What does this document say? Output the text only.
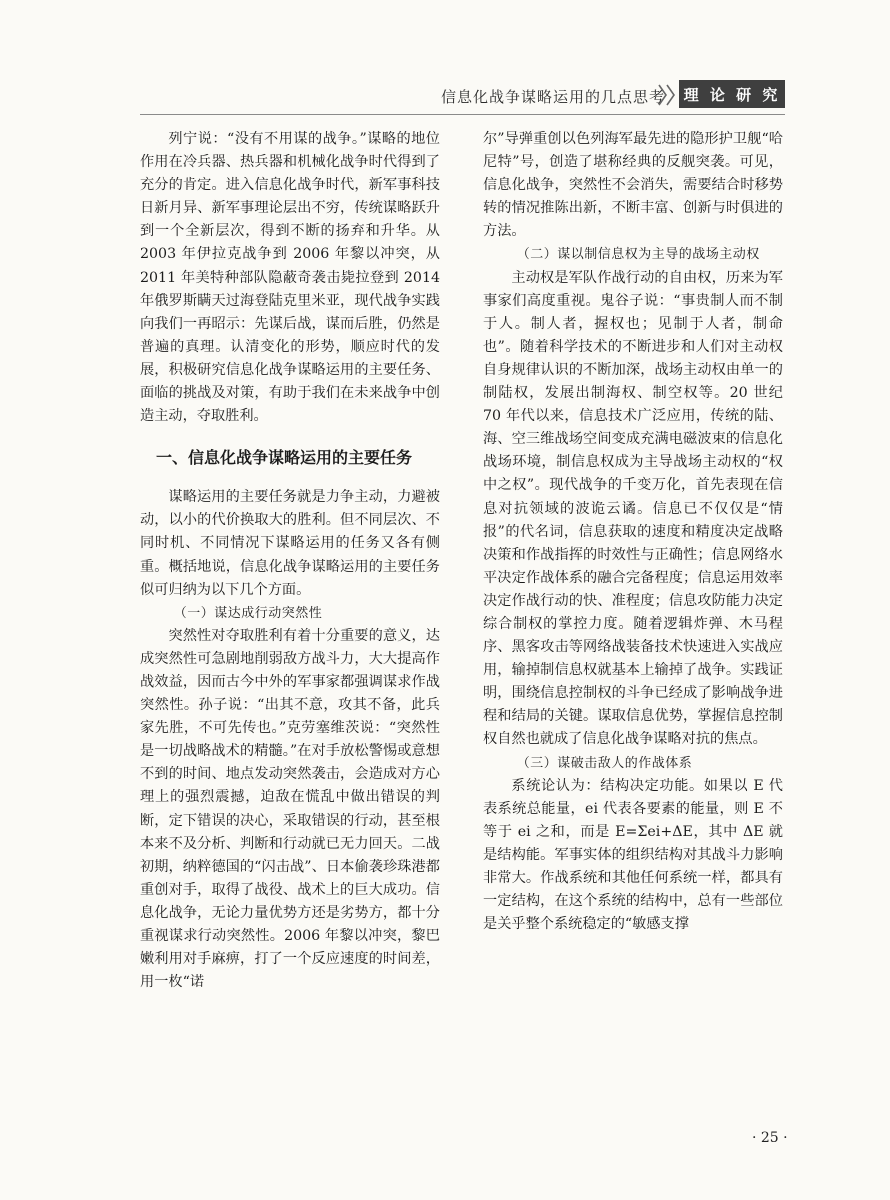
信息化战争谋略运用的几点思考	理 论 研 究

列宁说：“没有不用谋的战争。”谋略的地位作用在冷兵器、热兵器和机械化战争时代得到了充分的肯定。进入信息化战争时代，新军事科技日新月异、新军事理论层出不穷，传统谋略跃升到一个全新层次，得到不断的扬弃和升华。从 2003 年伊拉克战争到 2006 年黎以冲突，从 2011 年美特种部队隐蔽奇袭击毙拉登到 2014 年俄罗斯瞒天过海登陆克里米亚，现代战争实践向我们一再昭示：先谋后战，谋而后胜，仍然是普遍的真理。认清变化的形势，顺应时代的发展，积极研究信息化战争谋略运用的主要任务、面临的挑战及对策，有助于我们在未来战争中创造主动，夺取胜利。

一、信息化战争谋略运用的主要任务

谋略运用的主要任务就是力争主动，力避被动，以小的代价换取大的胜利。但不同层次、不同时机、不同情况下谋略运用的任务又各有侧重。概括地说，信息化战争谋略运用的主要任务似可归纳为以下几个方面。

（一）谋达成行动突然性

突然性对夺取胜利有着十分重要的意义，达成突然性可急剧地削弱敌方战斗力，大大提高作战效益，因而古今中外的军事家都强调谋求作战突然性。孙子说：“出其不意，攻其不备，此兵家先胜，不可先传也。”克劳塞维茨说：“突然性是一切战略战术的精髓。”在对手放松警惕或意想不到的时间、地点发动突然袭击，会造成对方心理上的强烈震撼，迫敌在慌乱中做出错误的判断，定下错误的决心，采取错误的行动，甚至根本来不及分析、判断和行动就已无力回天。二战初期，纳粹德国的“闪击战”、日本偷袭珍珠港都重创对手，取得了战役、战术上的巨大成功。信息化战争，无论力量优势方还是劣势方，都十分重视谋求行动突然性。2006 年黎以冲突，黎巴嫩利用对手麻痹，打了一个反应速度的时间差，用一枚“诺

尔”导弹重创以色列海军最先进的隐形护卫舰“哈尼特”号，创造了堪称经典的反舰突袭。可见，信息化战争，突然性不会消失，需要结合时移势转的情况推陈出新，不断丰富、创新与时俱进的方法。

（二）谋以制信息权为主导的战场主动权

主动权是军队作战行动的自由权，历来为军事家们高度重视。鬼谷子说：“事贵制人而不制于人。制人者，握权也；见制于人者，制命也”。随着科学技术的不断进步和人们对主动权自身规律认识的不断加深，战场主动权由单一的制陆权，发展出制海权、制空权等。20 世纪 70 年代以来，信息技术广泛应用，传统的陆、海、空三维战场空间变成充满电磁波束的信息化战场环境，制信息权成为主导战场主动权的“权中之权”。现代战争的千变万化，首先表现在信息对抗领域的波诡云谲。信息已不仅仅是“情报”的代名词，信息获取的速度和精度决定战略决策和作战指挥的时效性与正确性；信息网络水平决定作战体系的融合完备程度；信息运用效率决定作战行动的快、准程度；信息攻防能力决定综合制权的掌控力度。随着逻辑炸弹、木马程序、黑客攻击等网络战装备技术快速进入实战应用，输掉制信息权就基本上输掉了战争。实践证明，围绕信息控制权的斗争已经成了影响战争进程和结局的关键。谋取信息优势，掌握信息控制权自然也就成了信息化战争谋略对抗的焦点。

（三）谋破击敌人的作战体系

系统论认为：结构决定功能。如果以 E 代表系统总能量，ei 代表各要素的能量，则 E 不等于 ei 之和，而是 E=Σei+ΔE，其中 ΔE 就是结构能。军事实体的组织结构对其战斗力影响非常大。作战系统和其他任何系统一样，都具有一定结构，在这个系统的结构中，总有一些部位是关乎整个系统稳定的“敏感支撑

· 25 ·
